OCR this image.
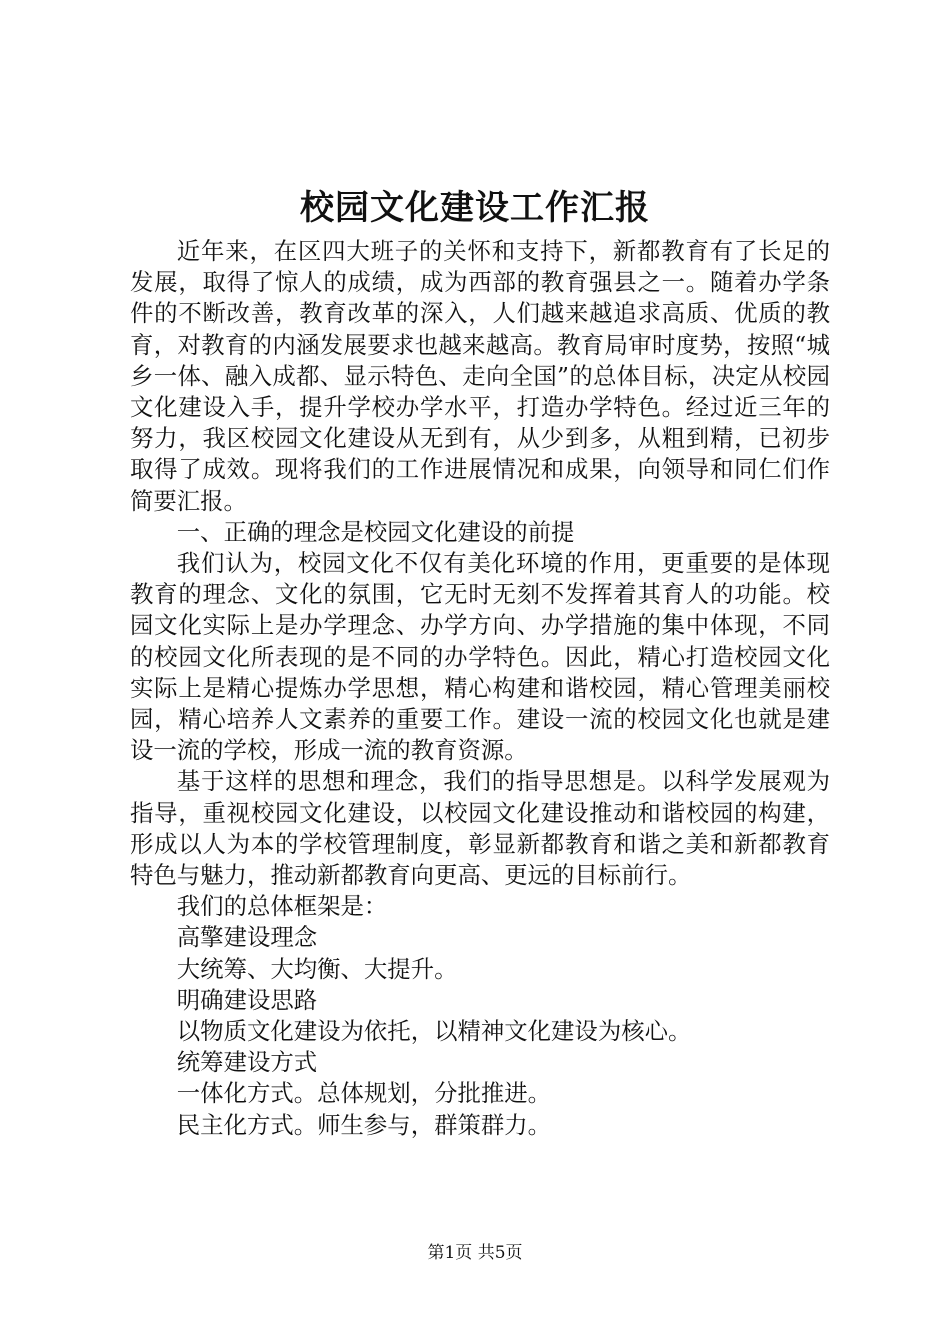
校园文化建设工作汇报

近年来，在区四大班子的关怀和支持下，新都教育有了长足的发展，取得了惊人的成绩，成为西部的教育强县之一。随着办学条件的不断改善，教育改革的深入，人们越来越追求高质、优质的教育，对教育的内涵发展要求也越来越高。教育局审时度势，按照“城乡一体、融入成都、显示特色、走向全国”的总体目标，决定从校园文化建设入手，提升学校办学水平，打造办学特色。经过近三年的努力，我区校园文化建设从无到有，从少到多，从粗到精，已初步取得了成效。现将我们的工作进展情况和成果，向领导和同仁们作简要汇报。

一、正确的理念是校园文化建设的前提

我们认为，校园文化不仅有美化环境的作用，更重要的是体现教育的理念、文化的氛围，它无时无刻不发挥着其育人的功能。校园文化实际上是办学理念、办学方向、办学措施的集中体现，不同的校园文化所表现的是不同的办学特色。因此，精心打造校园文化实际上是精心提炼办学思想，精心构建和谐校园，精心管理美丽校园，精心培养人文素养的重要工作。建设一流的校园文化也就是建设一流的学校，形成一流的教育资源。

基于这样的思想和理念，我们的指导思想是。以科学发展观为指导，重视校园文化建设，以校园文化建设推动和谐校园的构建，形成以人为本的学校管理制度，彰显新都教育和谐之美和新都教育特色与魅力，推动新都教育向更高、更远的目标前行。

我们的总体框架是：

高擎建设理念

大统筹、大均衡、大提升。

明确建设思路

以物质文化建设为依托，以精神文化建设为核心。

统筹建设方式

一体化方式。总体规划，分批推进。

民主化方式。师生参与，群策群力。

第1页 共5页
